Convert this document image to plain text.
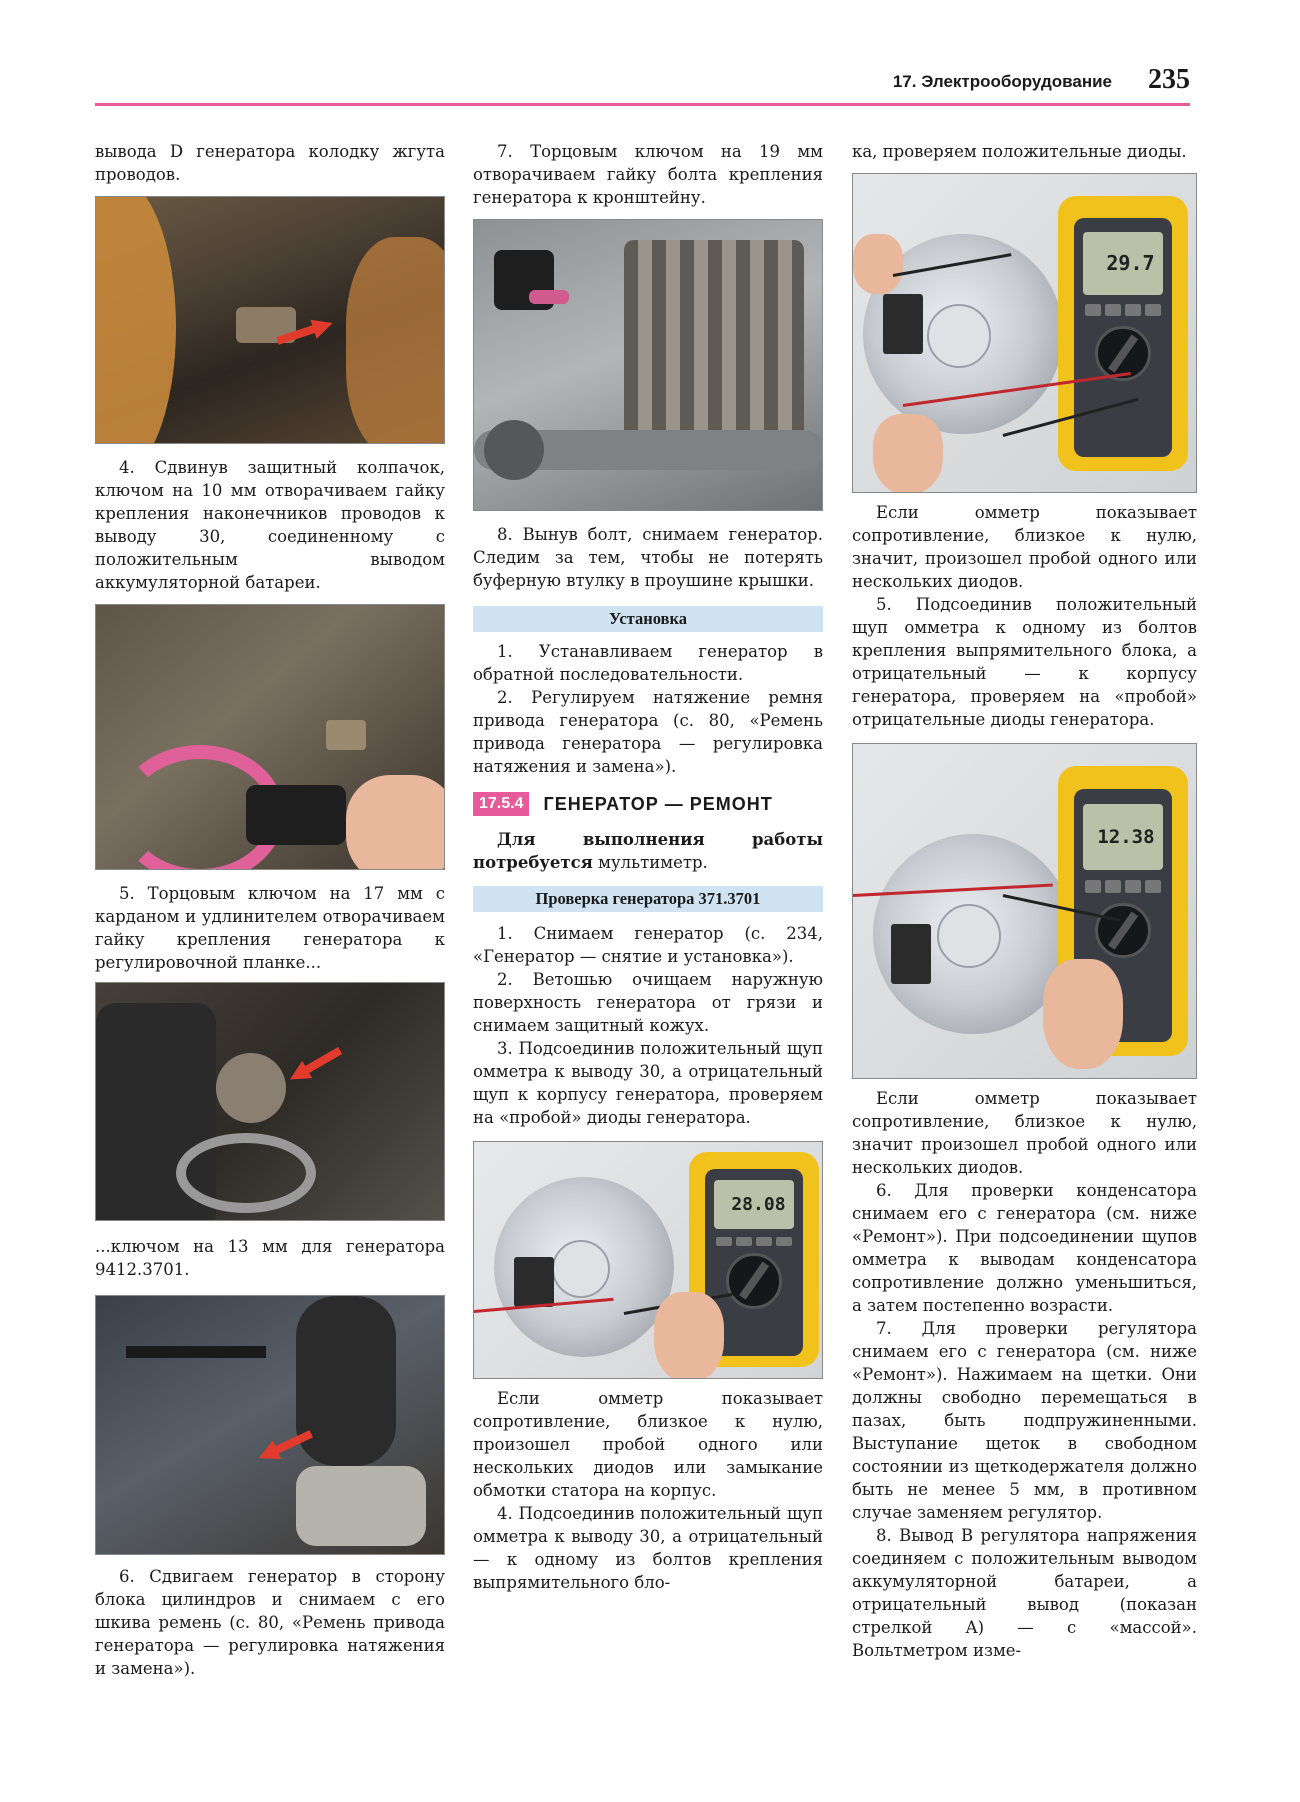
17. Электрооборудование 235

вывода D генератора колодку жгута проводов.

4. Сдвинув защитный колпачок, ключом на 10 мм отворачиваем гайку крепления наконечников проводов к выводу 30, соединенному с положительным выводом аккумуляторной батареи.

5. Торцовым ключом на 17 мм с карданом и удлинителем отворачиваем гайку крепления генератора к регулировочной планке...

...ключом на 13 мм для генератора 9412.3701.

6. Сдвигаем генератор в сторону блока цилиндров и снимаем с его шкива ремень (с. 80, «Ремень привода генератора — регулировка натяжения и замена»).

7. Торцовым ключом на 19 мм отворачиваем гайку болта крепления генератора к кронштейну.

8. Вынув болт, снимаем генератор. Следим за тем, чтобы не потерять буферную втулку в проушине крышки.

Установка

1. Устанавливаем генератор в обратной последовательности.

2. Регулируем натяжение ремня привода генератора (с. 80, «Ремень привода генератора — регулировка натяжения и замена»).

17.5.4	ГЕНЕРАТОР — РЕМОНТ

Для выполнения работы потребуется мультиметр.

Проверка генератора 371.3701

1. Снимаем генератор (с. 234, «Генератор — снятие и установка»).

2. Ветошью очищаем наружную поверхность генератора от грязи и снимаем защитный кожух.

3. Подсоединив положительный щуп омметра к выводу 30, а отрицательный щуп к корпусу генератора, проверяем на «пробой» диоды генератора.

28.08

Если омметр показывает сопротивление, близкое к нулю, произошел пробой одного или нескольких диодов или замыкание обмотки статора на корпус.

4. Подсоединив положительный щуп омметра к выводу 30, а отрицательный — к одному из болтов крепления выпрямительного бло-

ка, проверяем положительные диоды.

29.7

Если омметр показывает сопротивление, близкое к нулю, значит, произошел пробой одного или нескольких диодов.

5. Подсоединив положительный щуп омметра к одному из болтов крепления выпрямительного блока, а отрицательный — к корпусу генератора, проверяем на «пробой» отрицательные диоды генератора.

12.38

Если омметр показывает сопротивление, близкое к нулю, значит произошел пробой одного или нескольких диодов.

6. Для проверки конденсатора снимаем его с генератора (см. ниже «Ремонт»). При подсоединении щупов омметра к выводам конденсатора сопротивление должно уменьшиться, а затем постепенно возрасти.

7. Для проверки регулятора снимаем его с генератора (см. ниже «Ремонт»). Нажимаем на щетки. Они должны свободно перемещаться в пазах, быть подпружиненными. Выступание щеток в свободном состоянии из щеткодержателя должно быть не менее 5 мм, в противном случае заменяем регулятор.

8. Вывод B регулятора напряжения соединяем с положительным выводом аккумуляторной батареи, а отрицательный вывод (показан стрелкой A) — с «массой». Вольтметром изме-
